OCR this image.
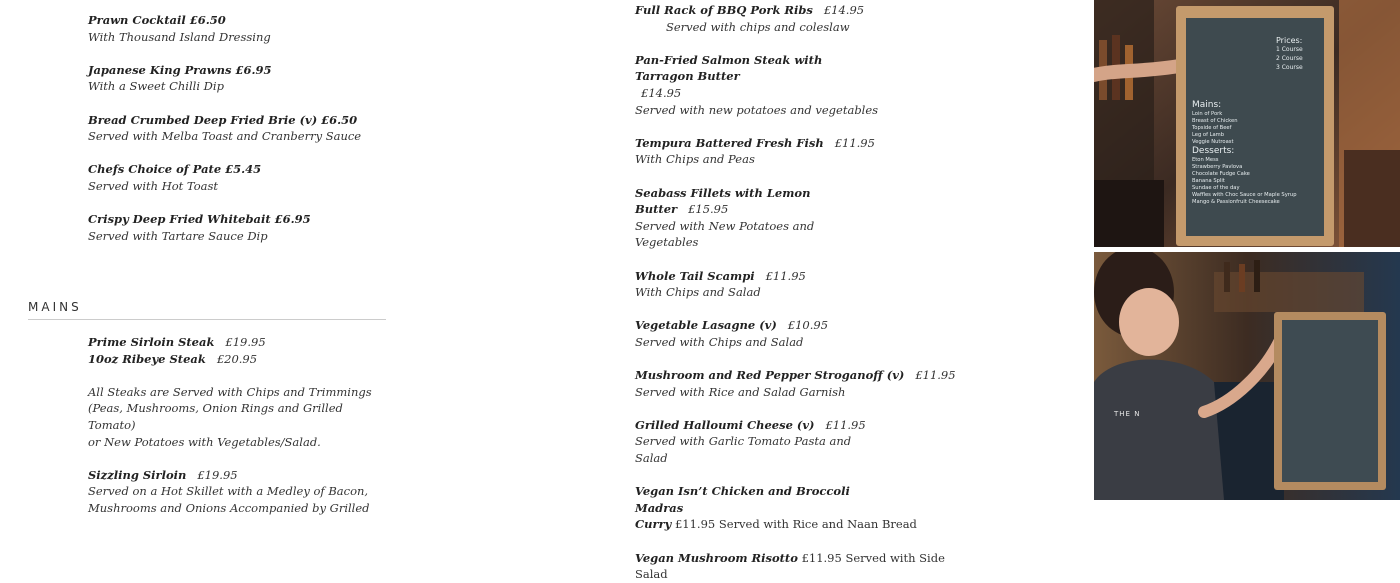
Prawn Cocktail £6.50
With Thousand Island Dressing
Japanese King Prawns £6.95
With a Sweet Chilli Dip
Bread Crumbed Deep Fried Brie (v) £6.50
Served with Melba Toast and Cranberry Sauce
Chefs Choice of Pate £5.45
Served with Hot Toast
Crispy Deep Fried Whitebait £6.95
Served with Tartare Sauce Dip
MAINS
Prime Sirloin Steak £19.95
10oz Ribeye Steak £20.95
All Steaks are Served with Chips and Trimmings
(Peas, Mushrooms, Onion Rings and Grilled Tomato)
or New Potatoes with Vegetables/Salad.
Sizzling Sirloin £19.95
Served on a Hot Skillet with a Medley of Bacon,
Mushrooms and Onions Accompanied by Grilled
Full Rack of BBQ Pork Ribs £14.95
Served with chips and coleslaw
Pan-Fried Salmon Steak with Tarragon Butter
£14.95
Served with new potatoes and vegetables
Tempura Battered Fresh Fish £11.95
With Chips and Peas
Seabass Fillets with Lemon Butter £15.95
Served with New Potatoes and Vegetables
Whole Tail Scampi £11.95
With Chips and Salad
Vegetable Lasagne (v) £10.95
Served with Chips and Salad
Mushroom and Red Pepper Stroganoff (v) £11.95
Served with Rice and Salad Garnish
Grilled Halloumi Cheese (v) £11.95
Served with Garlic Tomato Pasta and Salad
Vegan Isn’t Chicken and Broccoli Madras
Curry £11.95 Served with Rice and Naan Bread
Vegan Mushroom Risotto £11.95 Served with Side
Salad
Mains:
Loin of Pork
Breast of Chicken
Topside of Beef
Leg of Lamb
Veggie Nutroast
Desserts:
Eton Mess
Strawberry Pavlova
Chocolate Fudge Cake
Banana Split
Sundae of the day
Waffles with Choc Sauce or Maple Syrup
Mango & Passionfruit Cheesecake
Prices:
1 Course
2 Course
3 Course
THE N
